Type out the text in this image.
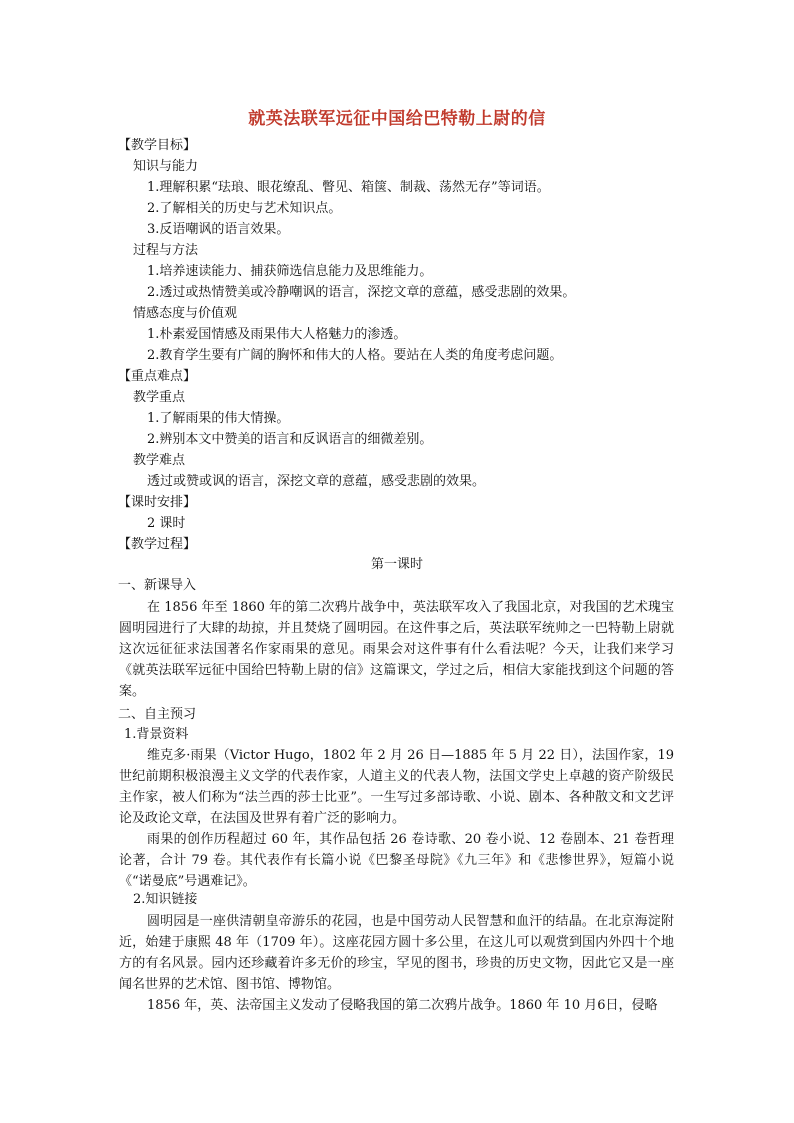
就英法联军远征中国给巴特勒上尉的信
【教学目标】
知识与能力
1.理解积累“珐琅、眼花缭乱、瞥见、箱箧、制裁、荡然无存”等词语。
2.了解相关的历史与艺术知识点。
3.反语嘲讽的语言效果。
过程与方法
1.培养速读能力、捕获筛选信息能力及思维能力。
2.透过或热情赞美或冷静嘲讽的语言，深挖文章的意蕴，感受悲剧的效果。
情感态度与价值观
1.朴素爱国情感及雨果伟大人格魅力的渗透。
2.教育学生要有广阔的胸怀和伟大的人格。要站在人类的角度考虑问题。
【重点难点】
教学重点
1.了解雨果的伟大情操。
2.辨别本文中赞美的语言和反讽语言的细微差别。
教学难点
透过或赞或讽的语言，深挖文章的意蕴，感受悲剧的效果。
【课时安排】
2 课时
【教学过程】
第一课时
一、新课导入
在 1856 年至 1860 年的第二次鸦片战争中，英法联军攻入了我国北京，对我国的艺术瑰宝圆明园进行了大肆的劫掠，并且焚烧了圆明园。在这件事之后，英法联军统帅之一巴特勒上尉就这次远征征求法国著名作家雨果的意见。雨果会对这件事有什么看法呢？今天，让我们来学习《就英法联军远征中国给巴特勒上尉的信》这篇课文，学过之后，相信大家能找到这个问题的答案。
二、自主预习
1.背景资料
维克多·雨果（Victor Hugo，1802 年 2 月 26 日—1885 年 5 月 22 日），法国作家，19 世纪前期积极浪漫主义文学的代表作家，人道主义的代表人物，法国文学史上卓越的资产阶级民主作家，被人们称为“法兰西的莎士比亚”。一生写过多部诗歌、小说、剧本、各种散文和文艺评论及政论文章，在法国及世界有着广泛的影响力。
雨果的创作历程超过 60 年，其作品包括 26 卷诗歌、20 卷小说、12 卷剧本、21 卷哲理论著，合计 79 卷。其代表作有长篇小说《巴黎圣母院》《九三年》和《悲惨世界》，短篇小说《“诺曼底”号遇难记》。
2.知识链接
圆明园是一座供清朝皇帝游乐的花园，也是中国劳动人民智慧和血汗的结晶。在北京海淀附近，始建于康熙 48 年（1709 年）。这座花园方圆十多公里，在这儿可以观赏到国内外四十个地方的有名风景。园内还珍藏着许多无价的珍宝，罕见的图书，珍贵的历史文物，因此它又是一座闻名世界的艺术馆、图书馆、博物馆。
1856 年，英、法帝国主义发动了侵略我国的第二次鸦片战争。1860 年 10 月6日，侵略
